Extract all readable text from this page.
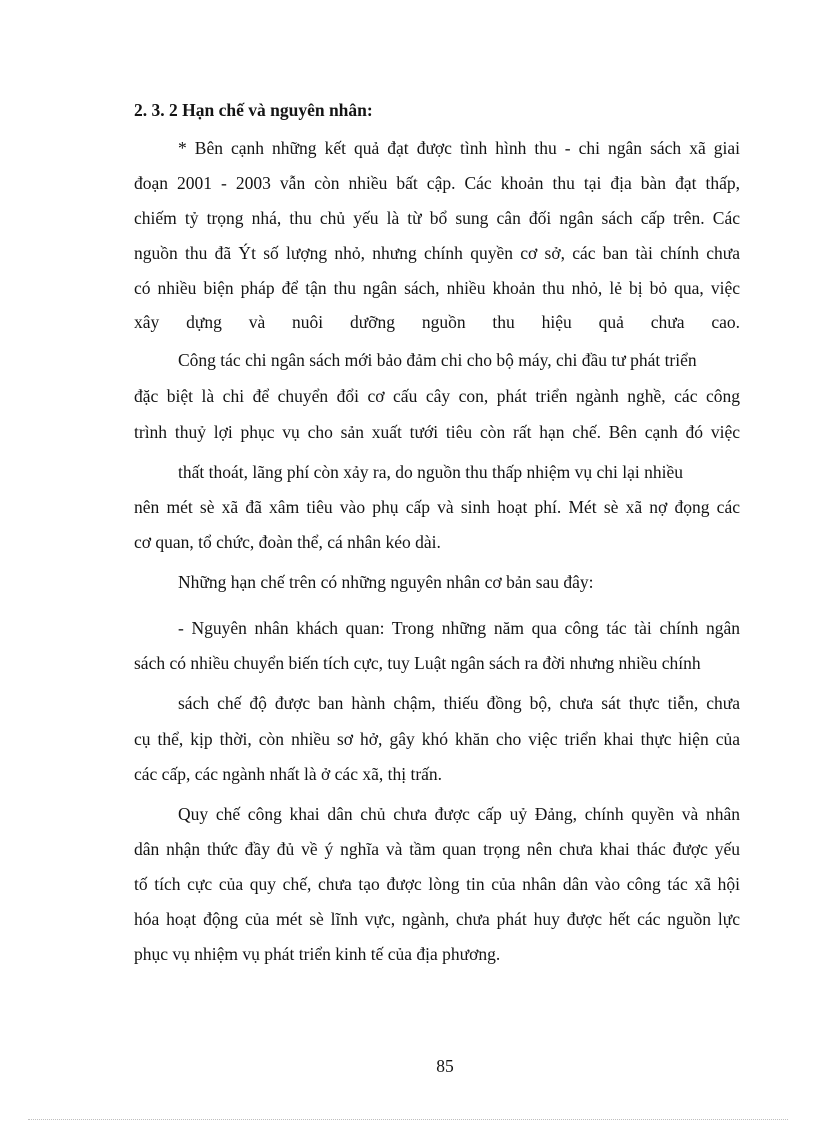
2. 3. 2 Hạn chế và nguyên nhân:
* Bên cạnh những kết quả đạt được tình hình thu - chi ngân sách xã giai
đoạn 2001 - 2003 vẫn còn nhiều bất cập. Các khoản thu tại địa bàn đạt thấp,
chiếm tỷ trọng nhá, thu chủ yếu là từ bổ sung cân đối ngân sách cấp trên. Các
nguồn thu đã Ýt số lượng nhỏ, nhưng chính quyền cơ sở, các ban tài chính chưa
có nhiều biện pháp để tận thu ngân sách, nhiều khoản thu nhỏ, lẻ bị bỏ qua, việc
xây dựng và nuôi dưỡng nguồn thu hiệu quả chưa cao.
Công tác chi ngân sách mới bảo đảm chi cho bộ máy, chi đầu tư phát triển
đặc biệt là chi để chuyển đổi cơ cấu cây con, phát triển ngành nghề, các công
trình thuỷ lợi phục vụ cho sản xuất tưới tiêu còn rất hạn chế. Bên cạnh đó việc
thất thoát, lãng phí còn xảy ra, do nguồn thu thấp nhiệm vụ chi lại nhiều
nên mét sè xã đã xâm tiêu vào phụ cấp và sinh hoạt phí. Mét sè xã nợ đọng các
cơ quan, tổ chức, đoàn thể, cá nhân kéo dài.
Những hạn chế trên có những nguyên nhân cơ bản sau đây:
- Nguyên nhân khách quan: Trong những năm qua công tác tài chính ngân
sách có nhiều chuyển biến tích cực, tuy Luật ngân sách ra đời nhưng nhiều chính
sách chế độ được ban hành chậm, thiếu đồng bộ, chưa sát thực tiễn, chưa
cụ thể, kịp thời, còn nhiều sơ hở, gây khó khăn cho việc triển khai thực hiện của
các cấp, các ngành nhất là ở các xã, thị trấn.
Quy chế công khai dân chủ chưa được cấp uỷ Đảng, chính quyền và nhân
dân nhận thức đầy đủ về ý nghĩa và tầm quan trọng nên chưa khai thác được yếu
tố tích cực của quy chế, chưa tạo được lòng tin của nhân dân vào công tác xã hội
hóa hoạt động của mét sè lĩnh vực, ngành, chưa phát huy được hết các nguồn lực
phục vụ nhiệm vụ phát triển kinh tế của địa phương.
85
